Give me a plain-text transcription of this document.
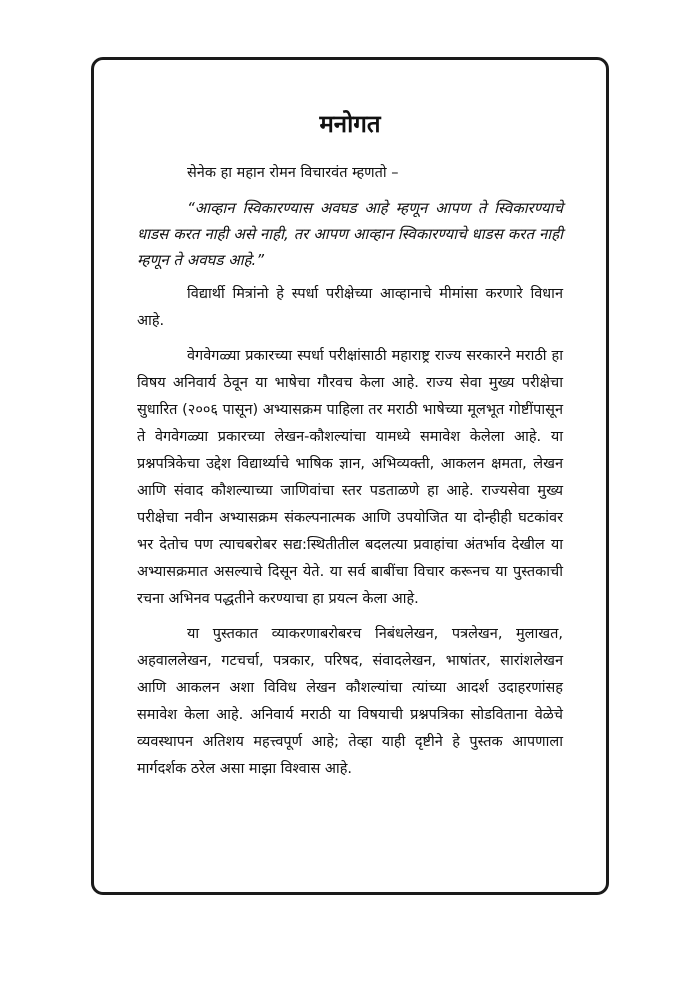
मनोगत

सेनेक हा महान रोमन विचारवंत म्हणतो –

“आव्हान स्विकारण्यास अवघड आहे म्हणून आपण ते स्विकारण्याचे धाडस करत नाही असे नाही, तर आपण आव्हान स्विकारण्याचे धाडस करत नाही म्हणून ते अवघड आहे.”

विद्यार्थी मित्रांनो हे स्पर्धा परीक्षेच्या आव्हानाचे मीमांसा करणारे विधान आहे.

वेगवेगळ्या प्रकारच्या स्पर्धा परीक्षांसाठी महाराष्ट्र राज्य सरकारने मराठी हा विषय अनिवार्य ठेवून या भाषेचा गौरवच केला आहे. राज्य सेवा मुख्य परीक्षेचा सुधारित (२००६ पासून) अभ्यासक्रम पाहिला तर मराठी भाषेच्या मूलभूत गोष्टींपासून ते वेगवेगळ्या प्रकारच्या लेखन-कौशल्यांचा यामध्ये समावेश केलेला आहे. या प्रश्नपत्रिकेचा उद्देश विद्यार्थ्याचे भाषिक ज्ञान, अभिव्यक्ती, आकलन क्षमता, लेखन आणि संवाद कौशल्याच्या जाणिवांचा स्तर पडताळणे हा आहे. राज्यसेवा मुख्य परीक्षेचा नवीन अभ्यासक्रम संकल्पनात्मक आणि उपयोजित या दोन्हीही घटकांवर भर देतोच पण त्याचबरोबर सद्य:स्थितीतील बदलत्या प्रवाहांचा अंतर्भाव देखील या अभ्यासक्रमात असल्याचे दिसून येते. या सर्व बाबींचा विचार करूनच या पुस्तकाची रचना अभिनव पद्धतीने करण्याचा हा प्रयत्न केला आहे.

या पुस्तकात व्याकरणाबरोबरच निबंधलेखन, पत्रलेखन, मुलाखत, अहवाललेखन, गटचर्चा, पत्रकार, परिषद, संवादलेखन, भाषांतर, सारांशलेखन आणि आकलन अशा विविध लेखन कौशल्यांचा त्यांच्या आदर्श उदाहरणांसह समावेश केला आहे. अनिवार्य मराठी या विषयाची प्रश्नपत्रिका सोडविताना वेळेचे व्यवस्थापन अतिशय महत्त्वपूर्ण आहे; तेव्हा याही दृष्टीने हे पुस्तक आपणाला मार्गदर्शक ठरेल असा माझा विश्वास आहे.
